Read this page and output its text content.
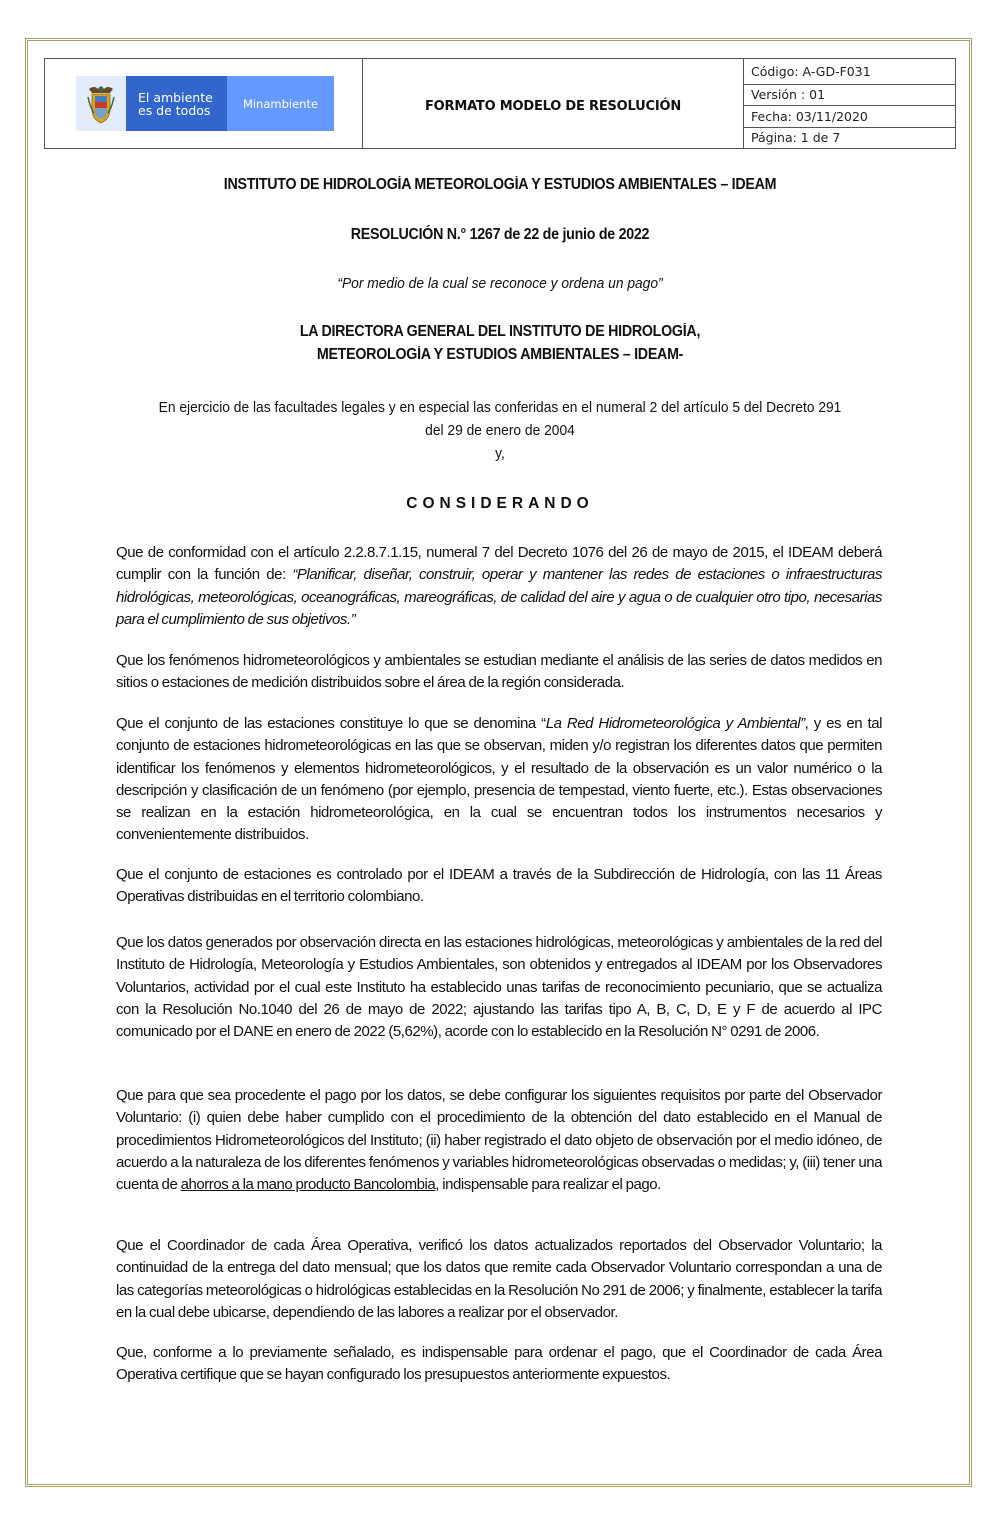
El ambiente
es de todos	Minambiente	FORMATO MODELO DE RESOLUCIÓN
Código: A-GD-F031
Versión : 01
Fecha: 03/11/2020
Página: 1 de 7
INSTITUTO DE HIDROLOGÍA METEOROLOGÍA Y ESTUDIOS AMBIENTALES – IDEAM
RESOLUCIÓN N.° 1267 de 22 de junio de 2022
“Por medio de la cual se reconoce y ordena un pago”
LA DIRECTORA GENERAL DEL INSTITUTO DE HIDROLOGÍA,
METEOROLOGÍA Y ESTUDIOS AMBIENTALES – IDEAM-
En ejercicio de las facultades legales y en especial las conferidas en el numeral 2 del artículo 5 del Decreto 291
del 29 de enero de 2004
y,
CONSIDERANDO
Que de conformidad con el artículo 2.2.8.7.1.15, numeral 7 del Decreto 1076 del 26 de mayo de 2015, el IDEAM deberá cumplir con la función de: “Planificar, diseñar, construir, operar y mantener las redes de estaciones o infraestructuras hidrológicas, meteorológicas, oceanográficas, mareográficas, de calidad del aire y agua o de cualquier otro tipo, necesarias para el cumplimiento de sus objetivos.”
Que los fenómenos hidrometeorológicos y ambientales se estudian mediante el análisis de las series de datos medidos en sitios o estaciones de medición distribuidos sobre el área de la región considerada.
Que el conjunto de las estaciones constituye lo que se denomina “La Red Hidrometeorológica y Ambiental”, y es en tal conjunto de estaciones hidrometeorológicas en las que se observan, miden y/o registran los diferentes datos que permiten identificar los fenómenos y elementos hidrometeorológicos, y el resultado de la observación es un valor numérico o la descripción y clasificación de un fenómeno (por ejemplo, presencia de tempestad, viento fuerte, etc.). Estas observaciones se realizan en la estación hidrometeorológica, en la cual se encuentran todos los instrumentos necesarios y convenientemente distribuidos.
Que el conjunto de estaciones es controlado por el IDEAM a través de la Subdirección de Hidrología, con las 11 Áreas Operativas distribuidas en el territorio colombiano.
Que los datos generados por observación directa en las estaciones hidrológicas, meteorológicas y ambientales de la red del Instituto de Hidrología, Meteorología y Estudios Ambientales, son obtenidos y entregados al IDEAM por los Observadores Voluntarios, actividad por el cual este Instituto ha establecido unas tarifas de reconocimiento pecuniario, que se actualiza con la Resolución No.1040 del 26 de mayo de 2022; ajustando las tarifas tipo A, B, C, D, E y F de acuerdo al IPC comunicado por el DANE en enero de 2022 (5,62%), acorde con lo establecido en la Resolución N° 0291 de 2006.
Que para que sea procedente el pago por los datos, se debe configurar los siguientes requisitos por parte del Observador Voluntario: (i) quien debe haber cumplido con el procedimiento de la obtención del dato establecido en el Manual de procedimientos Hidrometeorológicos del Instituto; (ii) haber registrado el dato objeto de observación por el medio idóneo, de acuerdo a la naturaleza de los diferentes fenómenos y variables hidrometeorológicas observadas o medidas; y, (iii) tener una cuenta de ahorros a la mano producto Bancolombia, indispensable para realizar el pago.
Que el Coordinador de cada Área Operativa, verificó los datos actualizados reportados del Observador Voluntario; la continuidad de la entrega del dato mensual; que los datos que remite cada Observador Voluntario correspondan a una de las categorías meteorológicas o hidrológicas establecidas en la Resolución No 291 de 2006; y finalmente, establecer la tarifa en la cual debe ubicarse, dependiendo de las labores a realizar por el observador.
Que, conforme a lo previamente señalado, es indispensable para ordenar el pago, que el Coordinador de cada Área Operativa certifique que se hayan configurado los presupuestos anteriormente expuestos.
